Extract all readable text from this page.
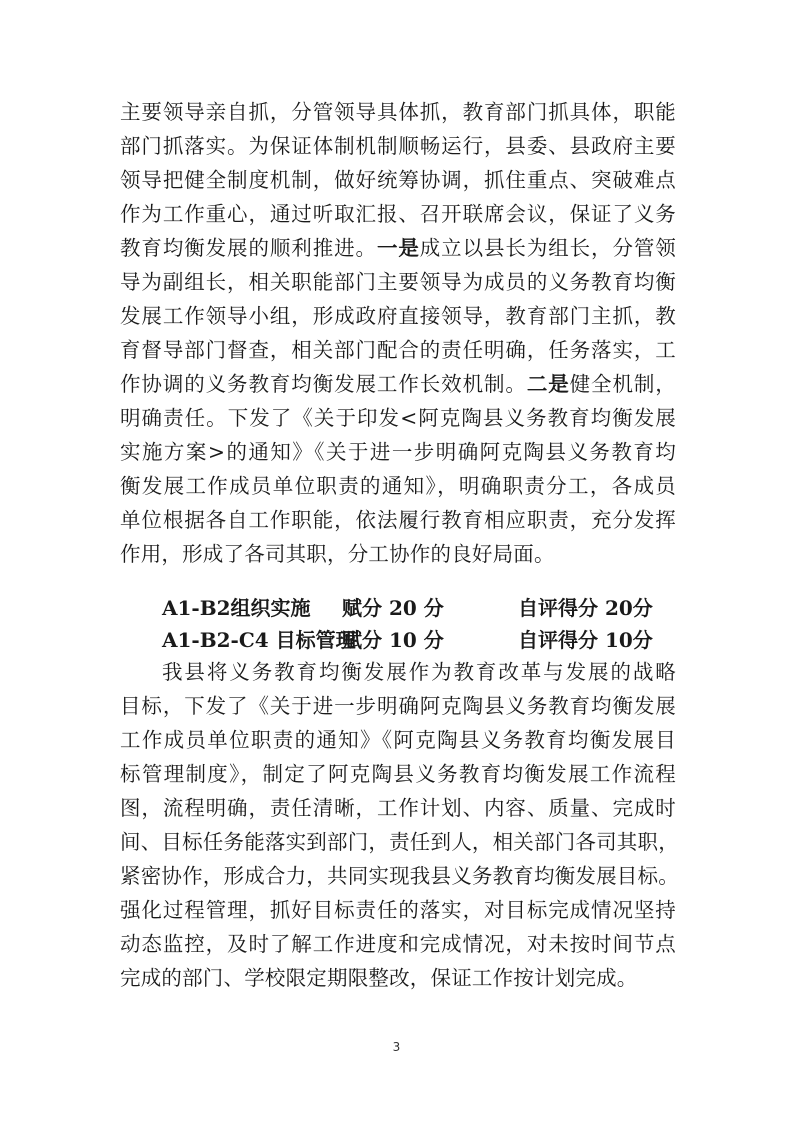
主要领导亲自抓，分管领导具体抓，教育部门抓具体，职能
部门抓落实。为保证体制机制顺畅运行，县委、县政府主要
领导把健全制度机制，做好统筹协调，抓住重点、突破难点
作为工作重心，通过听取汇报、召开联席会议，保证了义务
教育均衡发展的顺利推进。一是成立以县长为组长，分管领
导为副组长，相关职能部门主要领导为成员的义务教育均衡
发展工作领导小组，形成政府直接领导，教育部门主抓，教
育督导部门督查，相关部门配合的责任明确，任务落实，工
作协调的义务教育均衡发展工作长效机制。二是健全机制，
明确责任。下发了《关于印发<阿克陶县义务教育均衡发展
实施方案>的通知》《关于进一步明确阿克陶县义务教育均
衡发展工作成员单位职责的通知》，明确职责分工，各成员
单位根据各自工作职能，依法履行教育相应职责，充分发挥
作用，形成了各司其职，分工协作的良好局面。
A1-B2组织实施 赋分 20 分	自评得分 20分
A1-B2-C4 目标管理
赋分 10 分	自评得分 10分
我县将义务教育均衡发展作为教育改革与发展的战略
目标，下发了《关于进一步明确阿克陶县义务教育均衡发展
工作成员单位职责的通知》《阿克陶县义务教育均衡发展目
标管理制度》，制定了阿克陶县义务教育均衡发展工作流程
图，流程明确，责任清晰，工作计划、内容、质量、完成时
间、目标任务能落实到部门，责任到人，相关部门各司其职，
紧密协作，形成合力，共同实现我县义务教育均衡发展目标。
强化过程管理，抓好目标责任的落实，对目标完成情况坚持
动态监控，及时了解工作进度和完成情况，对未按时间节点
完成的部门、学校限定期限整改，保证工作按计划完成。
3
